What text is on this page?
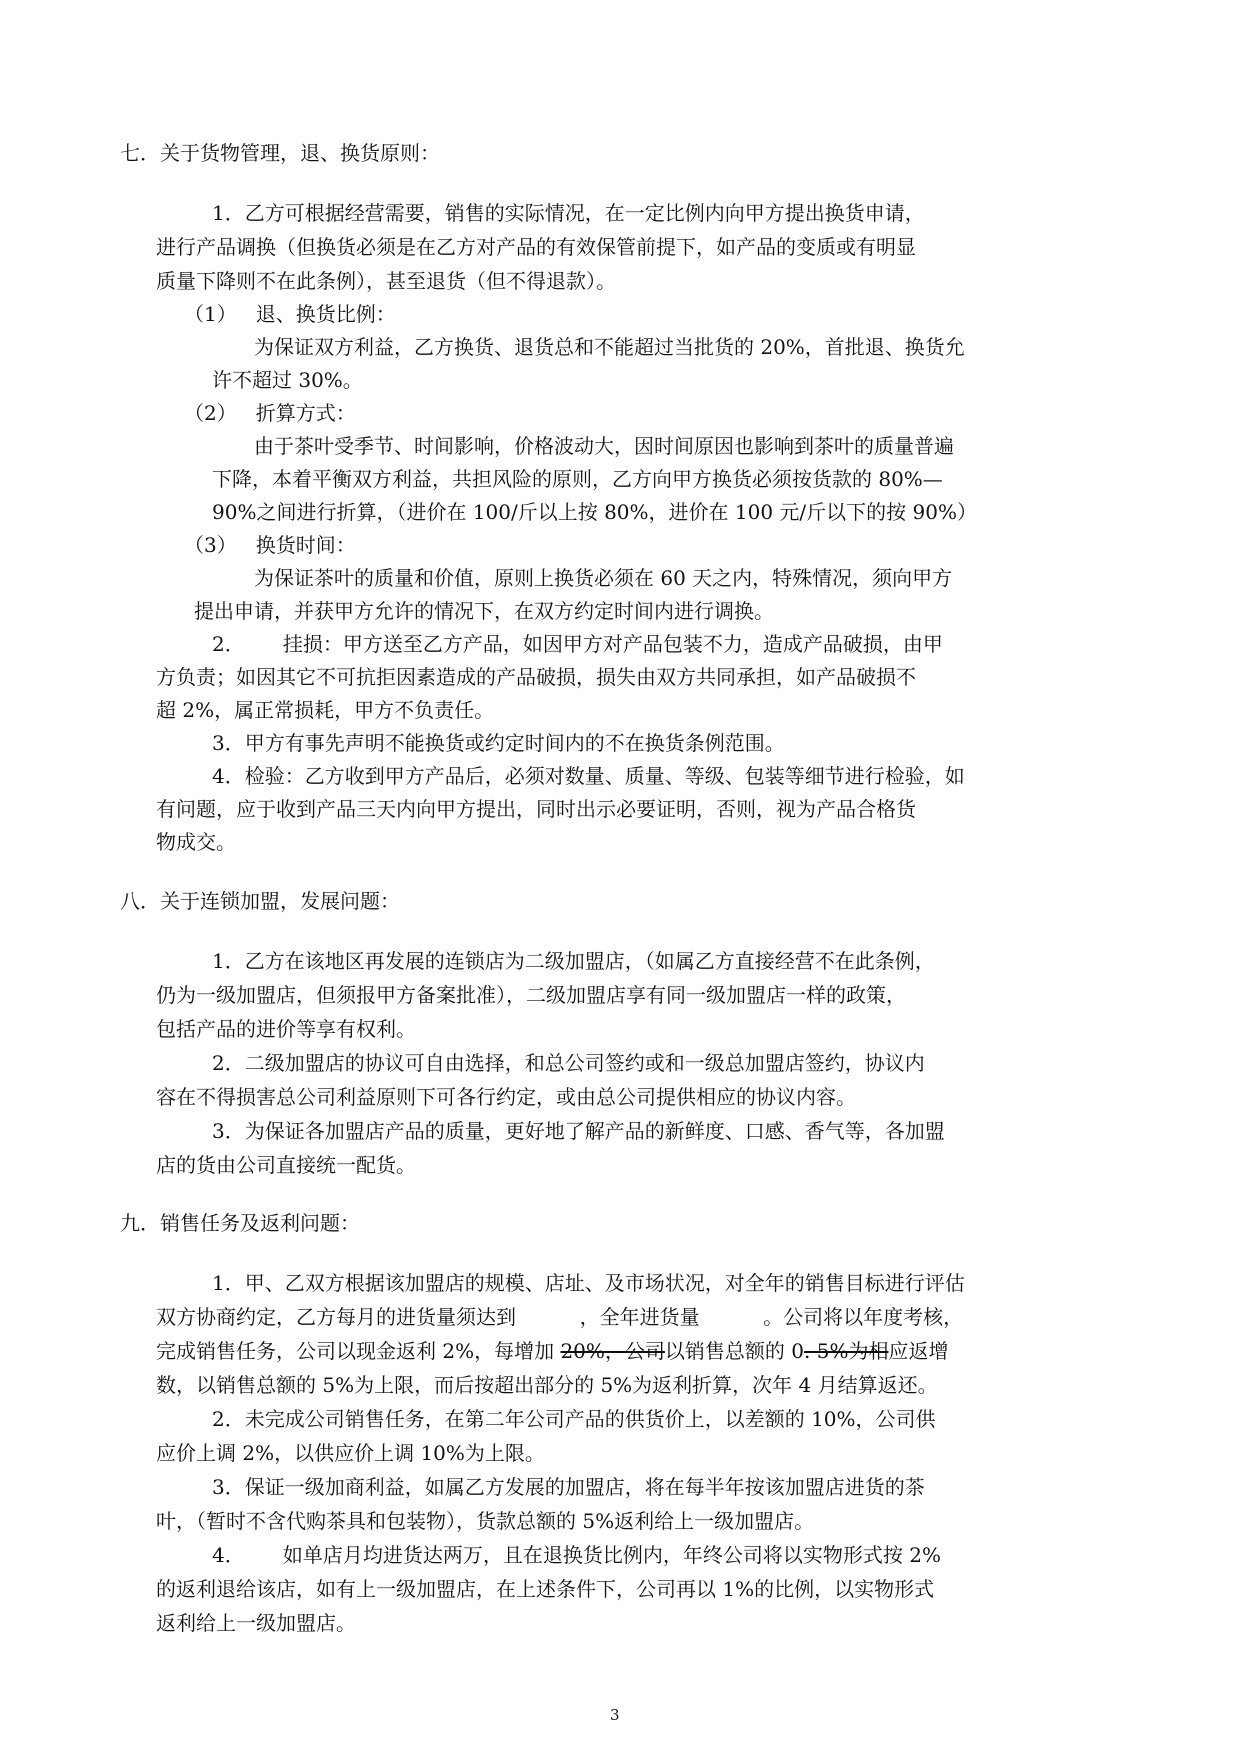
七．关于货物管理，退、换货原则：
1．乙方可根据经营需要，销售的实际情况，在一定比例内向甲方提出换货申请，
进行产品调换（但换货必须是在乙方对产品的有效保管前提下，如产品的变质或有明显
质量下降则不在此条例），甚至退货（但不得退款）。
（1）   退、换货比例：
为保证双方利益，乙方换货、退货总和不能超过当批货的 20%，首批退、换货允
许不超过 30%。
（2）   折算方式：
由于茶叶受季节、时间影响，价格波动大，因时间原因也影响到茶叶的质量普遍
下降，本着平衡双方利益，共担风险的原则，乙方向甲方换货必须按货款的 80%—
90%之间进行折算，（进价在 100/斤以上按 80%，进价在 100 元/斤以下的按 90%）
（3）   换货时间：
为保证茶叶的质量和价值，原则上换货必须在 60 天之内，特殊情况，须向甲方
提出申请，并获甲方允许的情况下，在双方约定时间内进行调换。
2．      挂损：甲方送至乙方产品，如因甲方对产品包装不力，造成产品破损，由甲
方负责；如因其它不可抗拒因素造成的产品破损，损失由双方共同承担，如产品破损不
超 2%，属正常损耗，甲方不负责任。
3．甲方有事先声明不能换货或约定时间内的不在换货条例范围。
4．检验：乙方收到甲方产品后，必须对数量、质量、等级、包装等细节进行检验，如
有问题，应于收到产品三天内向甲方提出，同时出示必要证明，否则，视为产品合格货
物成交。
八．关于连锁加盟，发展问题：
1．乙方在该地区再发展的连锁店为二级加盟店，（如属乙方直接经营不在此条例，
仍为一级加盟店，但须报甲方备案批准），二级加盟店享有同一级加盟店一样的政策，
包括产品的进价等享有权利。
2．二级加盟店的协议可自由选择，和总公司签约或和一级总加盟店签约，协议内
容在不得损害总公司利益原则下可各行约定，或由总公司提供相应的协议内容。
3．为保证各加盟店产品的质量，更好地了解产品的新鲜度、口感、香气等，各加盟
店的货由公司直接统一配货。
九．销售任务及返利问题：
1．甲、乙双方根据该加盟店的规模、店址、及市场状况，对全年的销售目标进行评估
双方协商约定，乙方每月的进货量须达到          ，全年进货量          。公司将以年度考核，
完成销售任务，公司以现金返利 2%，每增加 20%，公司以销售总额的 0. 5%为相应返增
数，以销售总额的 5%为上限，而后按超出部分的 5%为返利折算，次年 4 月结算返还。
2．未完成公司销售任务，在第二年公司产品的供货价上，以差额的 10%，公司供
应价上调 2%，以供应价上调 10%为上限。
3．保证一级加商利益，如属乙方发展的加盟店，将在每半年按该加盟店进货的茶
叶，（暂时不含代购茶具和包装物），货款总额的 5%返利给上一级加盟店。
4．      如单店月均进货达两万，且在退换货比例内，年终公司将以实物形式按 2%
的返利退给该店，如有上一级加盟店，在上述条件下，公司再以 1%的比例，以实物形式
返利给上一级加盟店。
3
